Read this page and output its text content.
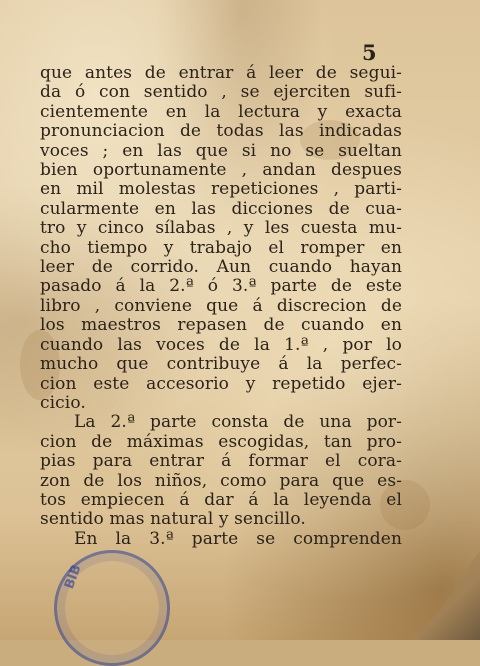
5
que antes de entrar á leer de segui-
da ó con sentido , se ejerciten sufi-
cientemente en la lectura y exacta
pronunciacion de todas las indicadas
voces ; en las que si no se sueltan
bien oportunamente , andan despues
en mil molestas repeticiones , parti-
cularmente en las dicciones de cua-
tro y cinco sílabas , y les cuesta mu-
cho tiempo y trabajo el romper en
leer de corrido. Aun cuando hayan
pasado á la 2.ª ó 3.ª parte de este
libro , conviene que á discrecion de
los maestros repasen de cuando en
cuando las voces de la 1.ª , por lo
mucho que contribuye á la perfec-
cion este accesorio y repetido ejer-
cicio.
La 2.ª parte consta de una por-
cion de máximas escogidas, tan pro-
pias para entrar á formar el cora-
zon de los niños, como para que es-
tos empiecen á dar á la leyenda el
sentido mas natural y sencillo.
En la 3.ª parte se comprenden
BIB
